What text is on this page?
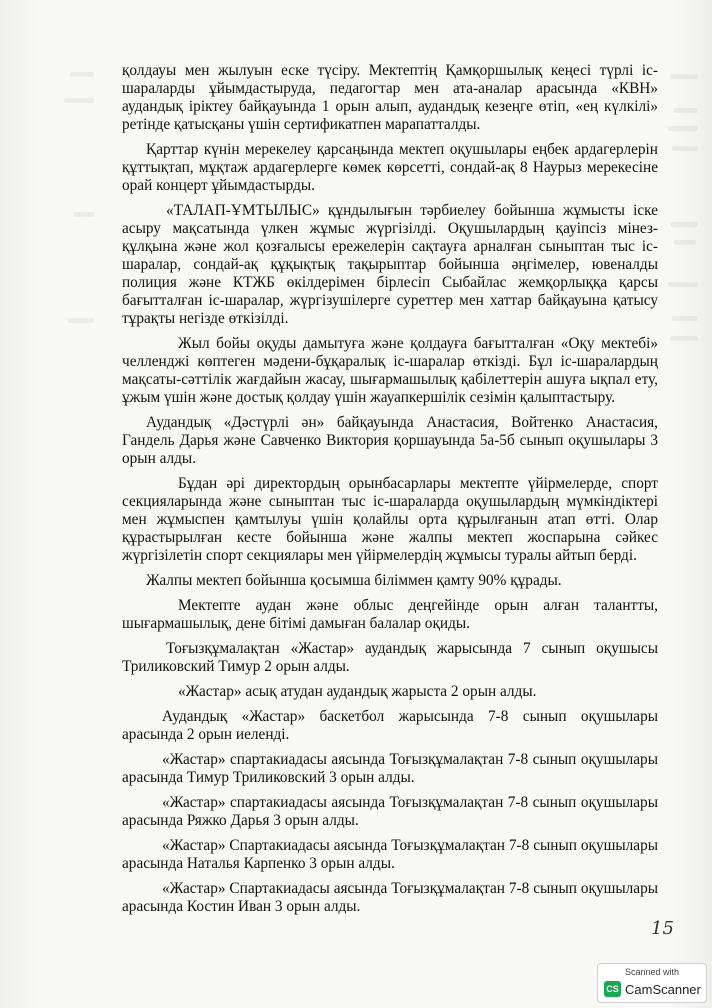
қолдауы мен жылуын еске түсіру. Мектептің Қамқоршылық кеңесі түрлі іс-шараларды ұйымдастыруда, педагогтар мен ата-аналар арасында «КВН» аудандық іріктеу байқауында 1 орын алып, аудандық кезеңге өтіп, «ең күлкілі» ретінде қатысқаны үшін сертификатпен марапатталды.

Қарттар күнін мерекелеу қарсаңында мектеп оқушылары еңбек ардагерлерін құттықтап, мұқтаж ардагерлерге көмек көрсетті, сондай-ақ 8 Наурыз мерекесіне орай концерт ұйымдастырды.

«ТАЛАП-ҰМТЫЛЫС» құндылығын тәрбиелеу бойынша жұмысты іске асыру мақсатында үлкен жұмыс жүргізілді. Оқушылардың қауіпсіз мінез-құлқына және жол қозғалысы ережелерін сақтауға арналған сыныптан тыс іс-шаралар, сондай-ақ құқықтық тақырыптар бойынша әңгімелер, ювеналды полиция және КТЖБ өкілдерімен бірлесіп Сыбайлас жемқорлыққа қарсы бағытталған іс-шаралар, жүргізушілерге суреттер мен хаттар байқауына қатысу тұрақты негізде өткізілді.

Жыл бойы оқуды дамытуға және қолдауға бағытталған «Оқу мектебі» челленджі көптеген мәдени-бұқаралық іс-шаралар өткізді. Бұл іс-шаралардың мақсаты-сәттілік жағдайын жасау, шығармашылық қабілеттерін ашуға ықпал ету, ұжым үшін және достық қолдау үшін жауапкершілік сезімін қалыптастыру.

Аудандық «Дәстүрлі ән» байқауында Анастасия, Войтенко Анастасия, Гандель Дарья және Савченко Виктория қоршауында 5а-5б сынып оқушылары 3 орын алды.

Бұдан әрі директордың орынбасарлары мектепте үйірмелерде, спорт секцияларында және сыныптан тыс іс-шараларда оқушылардың мүмкіндіктері мен жұмыспен қамтылуы үшін қолайлы орта құрылғанын атап өтті. Олар құрастырылған кесте бойынша және жалпы мектеп жоспарына сәйкес жүргізілетін спорт секциялары мен үйірмелердің жұмысы туралы айтып берді.

Жалпы мектеп бойынша қосымша біліммен қамту 90% құрады.

Мектепте аудан және облыс деңгейінде орын алған талантты, шығармашылық, дене бітімі дамыған балалар оқиды.

Тоғызқұмалақтан «Жастар» аудандық жарысында 7 сынып оқушысы Триликовский Тимур 2 орын алды.

«Жастар» асық атудан аудандық жарыста 2 орын алды.

Аудандық «Жастар» баскетбол жарысында 7-8 сынып оқушылары арасында 2 орын иеленді.

«Жастар» спартакиадасы аясында Тоғызқұмалақтан 7-8 сынып оқушылары арасында Тимур Триликовский 3 орын алды.

«Жастар» спартакиадасы аясында Тоғызқұмалақтан 7-8 сынып оқушылары арасында Ряжко Дарья 3 орын алды.

«Жастар» Спартакиадасы аясында Тоғызқұмалақтан 7-8 сынып оқушылары арасында Наталья Карпенко 3 орын алды.

«Жастар» Спартакиадасы аясында Тоғызқұмалақтан 7-8 сынып оқушылары арасында Костин Иван 3 орын алды.

15
Scanned with
CS CamScanner
